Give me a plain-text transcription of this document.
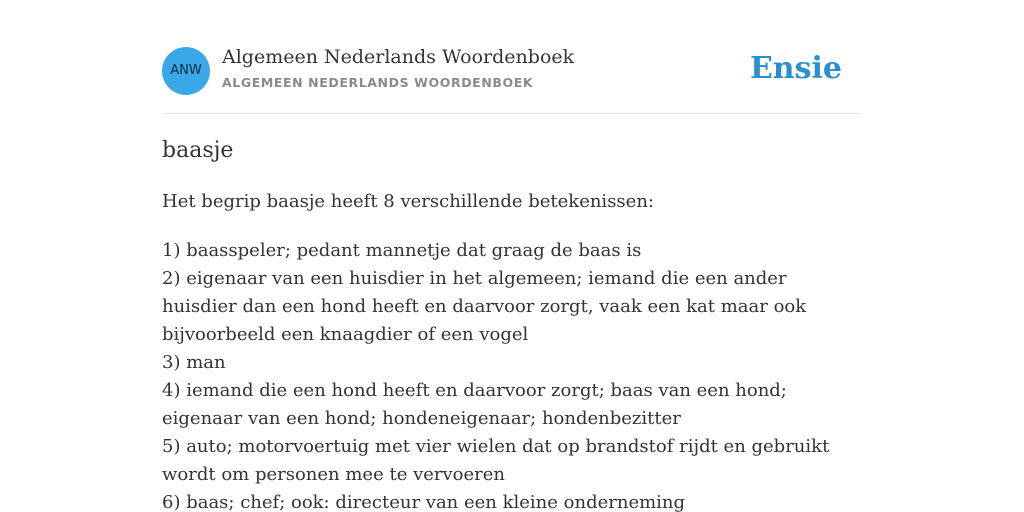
ANW
Algemeen Nederlands Woordenboek
ALGEMEEN NEDERLANDS WOORDENBOEK	Ensie
baasje

Het begrip baasje heeft 8 verschillende betekenissen:

1) baasspeler; pedant mannetje dat graag de baas is
2) eigenaar van een huisdier in het algemeen; iemand die een ander huisdier dan een hond heeft en daarvoor zorgt, vaak een kat maar ook bijvoorbeeld een knaagdier of een vogel
3) man
4) iemand die een hond heeft en daarvoor zorgt; baas van een hond; eigenaar van een hond; hondeneigenaar; hondenbezitter
5) auto; motorvoertuig met vier wielen dat op brandstof rijdt en gebruikt wordt om personen mee te vervoeren
6) baas; chef; ook: directeur van een kleine onderneming
